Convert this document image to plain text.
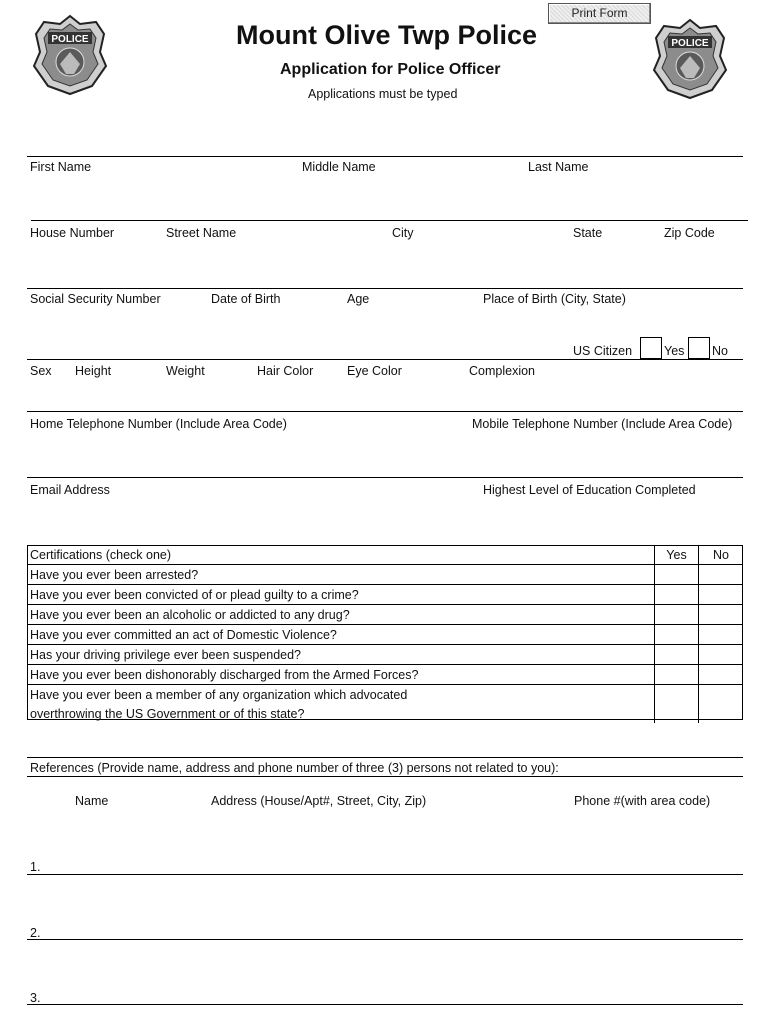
POLICE	POLICE
Print Form
Mount Olive Twp Police
Application for Police Officer
Applications must be typed
First Name	Middle Name	Last Name
House Number	Street Name	City	State	Zip Code
Social Security Number	Date of Birth	Age	Place of Birth (City, State)
US Citizen	Yes No
Sex Height	Weight	Hair Color	Eye Color	Complexion
Home Telephone Number (Include Area Code)	Mobile Telephone Number (Include Area Code)
Email Address	Highest Level of Education Completed
Certifications (check one)	Yes	No
Have you ever been arrested?		
Have you ever been convicted of or plead guilty to a crime?		
Have you ever been an alcoholic or addicted to any drug?		
Have you ever committed an act of Domestic Violence?		
Has your driving privilege ever been suspended?		
Have you ever been dishonorably discharged from the Armed Forces?		
Have you ever been a member of any organization which advocated		
overthrowing the US Government or of this state?		
References (Provide name, address and phone number of three (3) persons not related to you):
Name	Address (House/Apt#, Street, City, Zip)	Phone #(with area code)
1.
2.
3.
